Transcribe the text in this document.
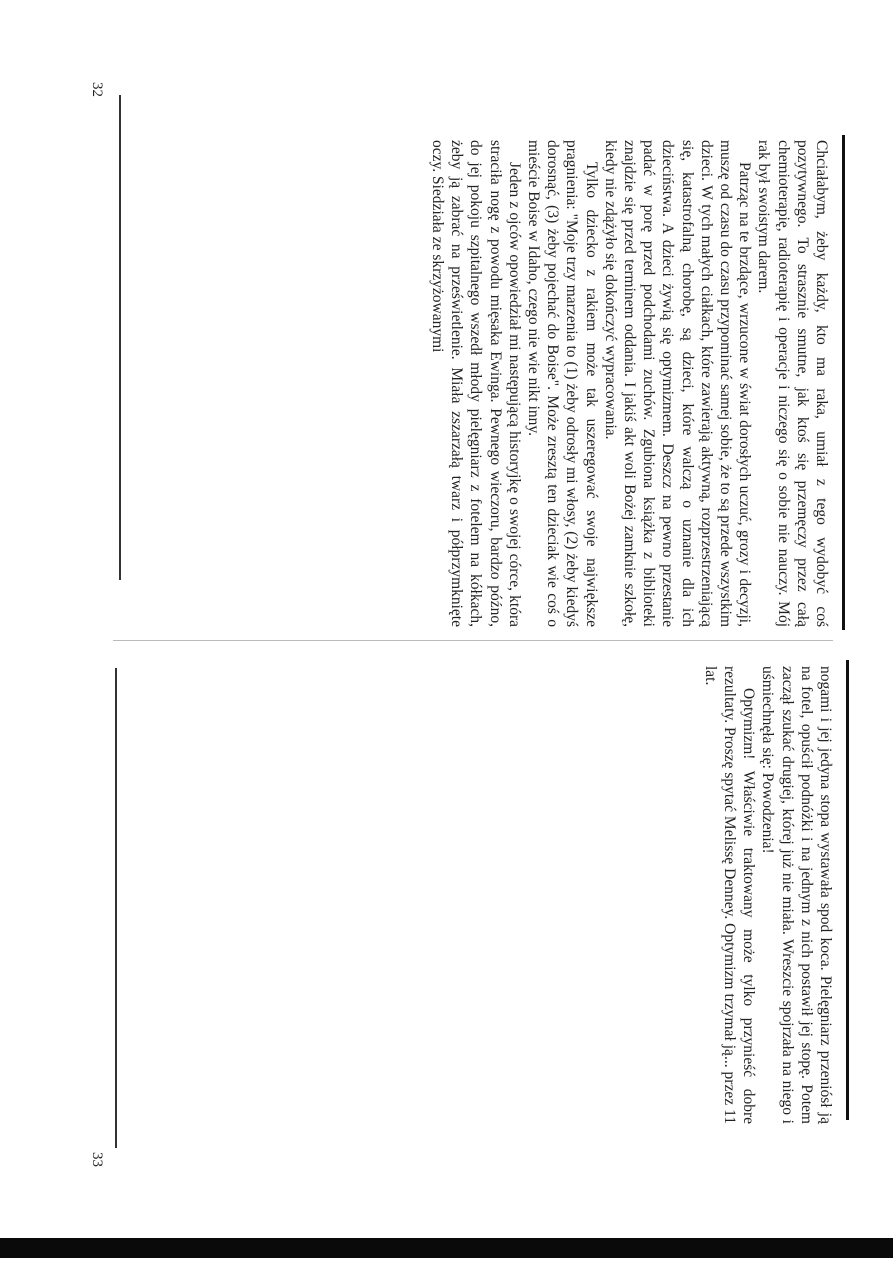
Chciałabym, żeby każdy, kto ma raka, umiał z tego wydobyć coś pozytywnego. To strasznie smutne, jak ktoś się przemęczy przez całą chemioterapię, radioterapię i operacje i niczego się o sobie nie nauczy. Mój rak był swoistym darem.

Patrząc na te brzdące, wrzucone w świat dorosłych uczuć, grozy i decyzji, muszę od czasu do czasu przypominać samej sobie, że to są przede wszystkim dzieci. W tych małych ciałkach, które zawierają aktywną, rozprzestrzeniającą się, katastrofalną chorobę, są dzieci, które walczą o uznanie dla ich dzieciństwa. A dzieci żywią się optymizmem. Deszcz na pewno przestanie padać w porę przed podchodami zuchów. Zgubiona książka z biblioteki znajdzie się przed terminem oddania. I jakiś akt woli Bożej zamknie szkołę, kiedy nie zdążyło się dokończyć wypracowania.

Tylko dziecko z rakiem może tak uszeregować swoje największe pragnienia: "Moje trzy marzenia to (1) żeby odrosły mi włosy, (2) żeby kiedyś dorosnąć, (3) żeby pojechać do Boise". Może zresztą ten dzieciak wie coś o mieście Boise w Idaho, czego nie wie nikt inny.

Jeden z ojców opowiedział mi następującą historyjkę o swojej córce, która straciła nogę z powodu mięsaka Ewinga. Pewnego wieczoru, bardzo późno, do jej pokoju szpitalnego wszedł młody pielęgniarz z fotelem na kółkach, żeby ją zabrać na prześwietlenie. Miała zszarzałą twarz i półprzymknięte oczy. Siedziała ze skrzyżowanymi

nogami i jej jedyna stopa wystawała spod koca. Pielęgniarz przeniósł ją na fotel, opuścił podnóżki i na jednym z nich postawił jej stopę. Potem zaczął szukać drugiej, której już nie miała. Wreszcie spojrzała na niego i uśmiechnęła się: Powodzenia!

Optymizm! Właściwie traktowany może tylko przynieść dobre rezultaty. Proszę spytać Melissę Denney. Optymizm trzymał ją... przez 11 lat.

32
33
